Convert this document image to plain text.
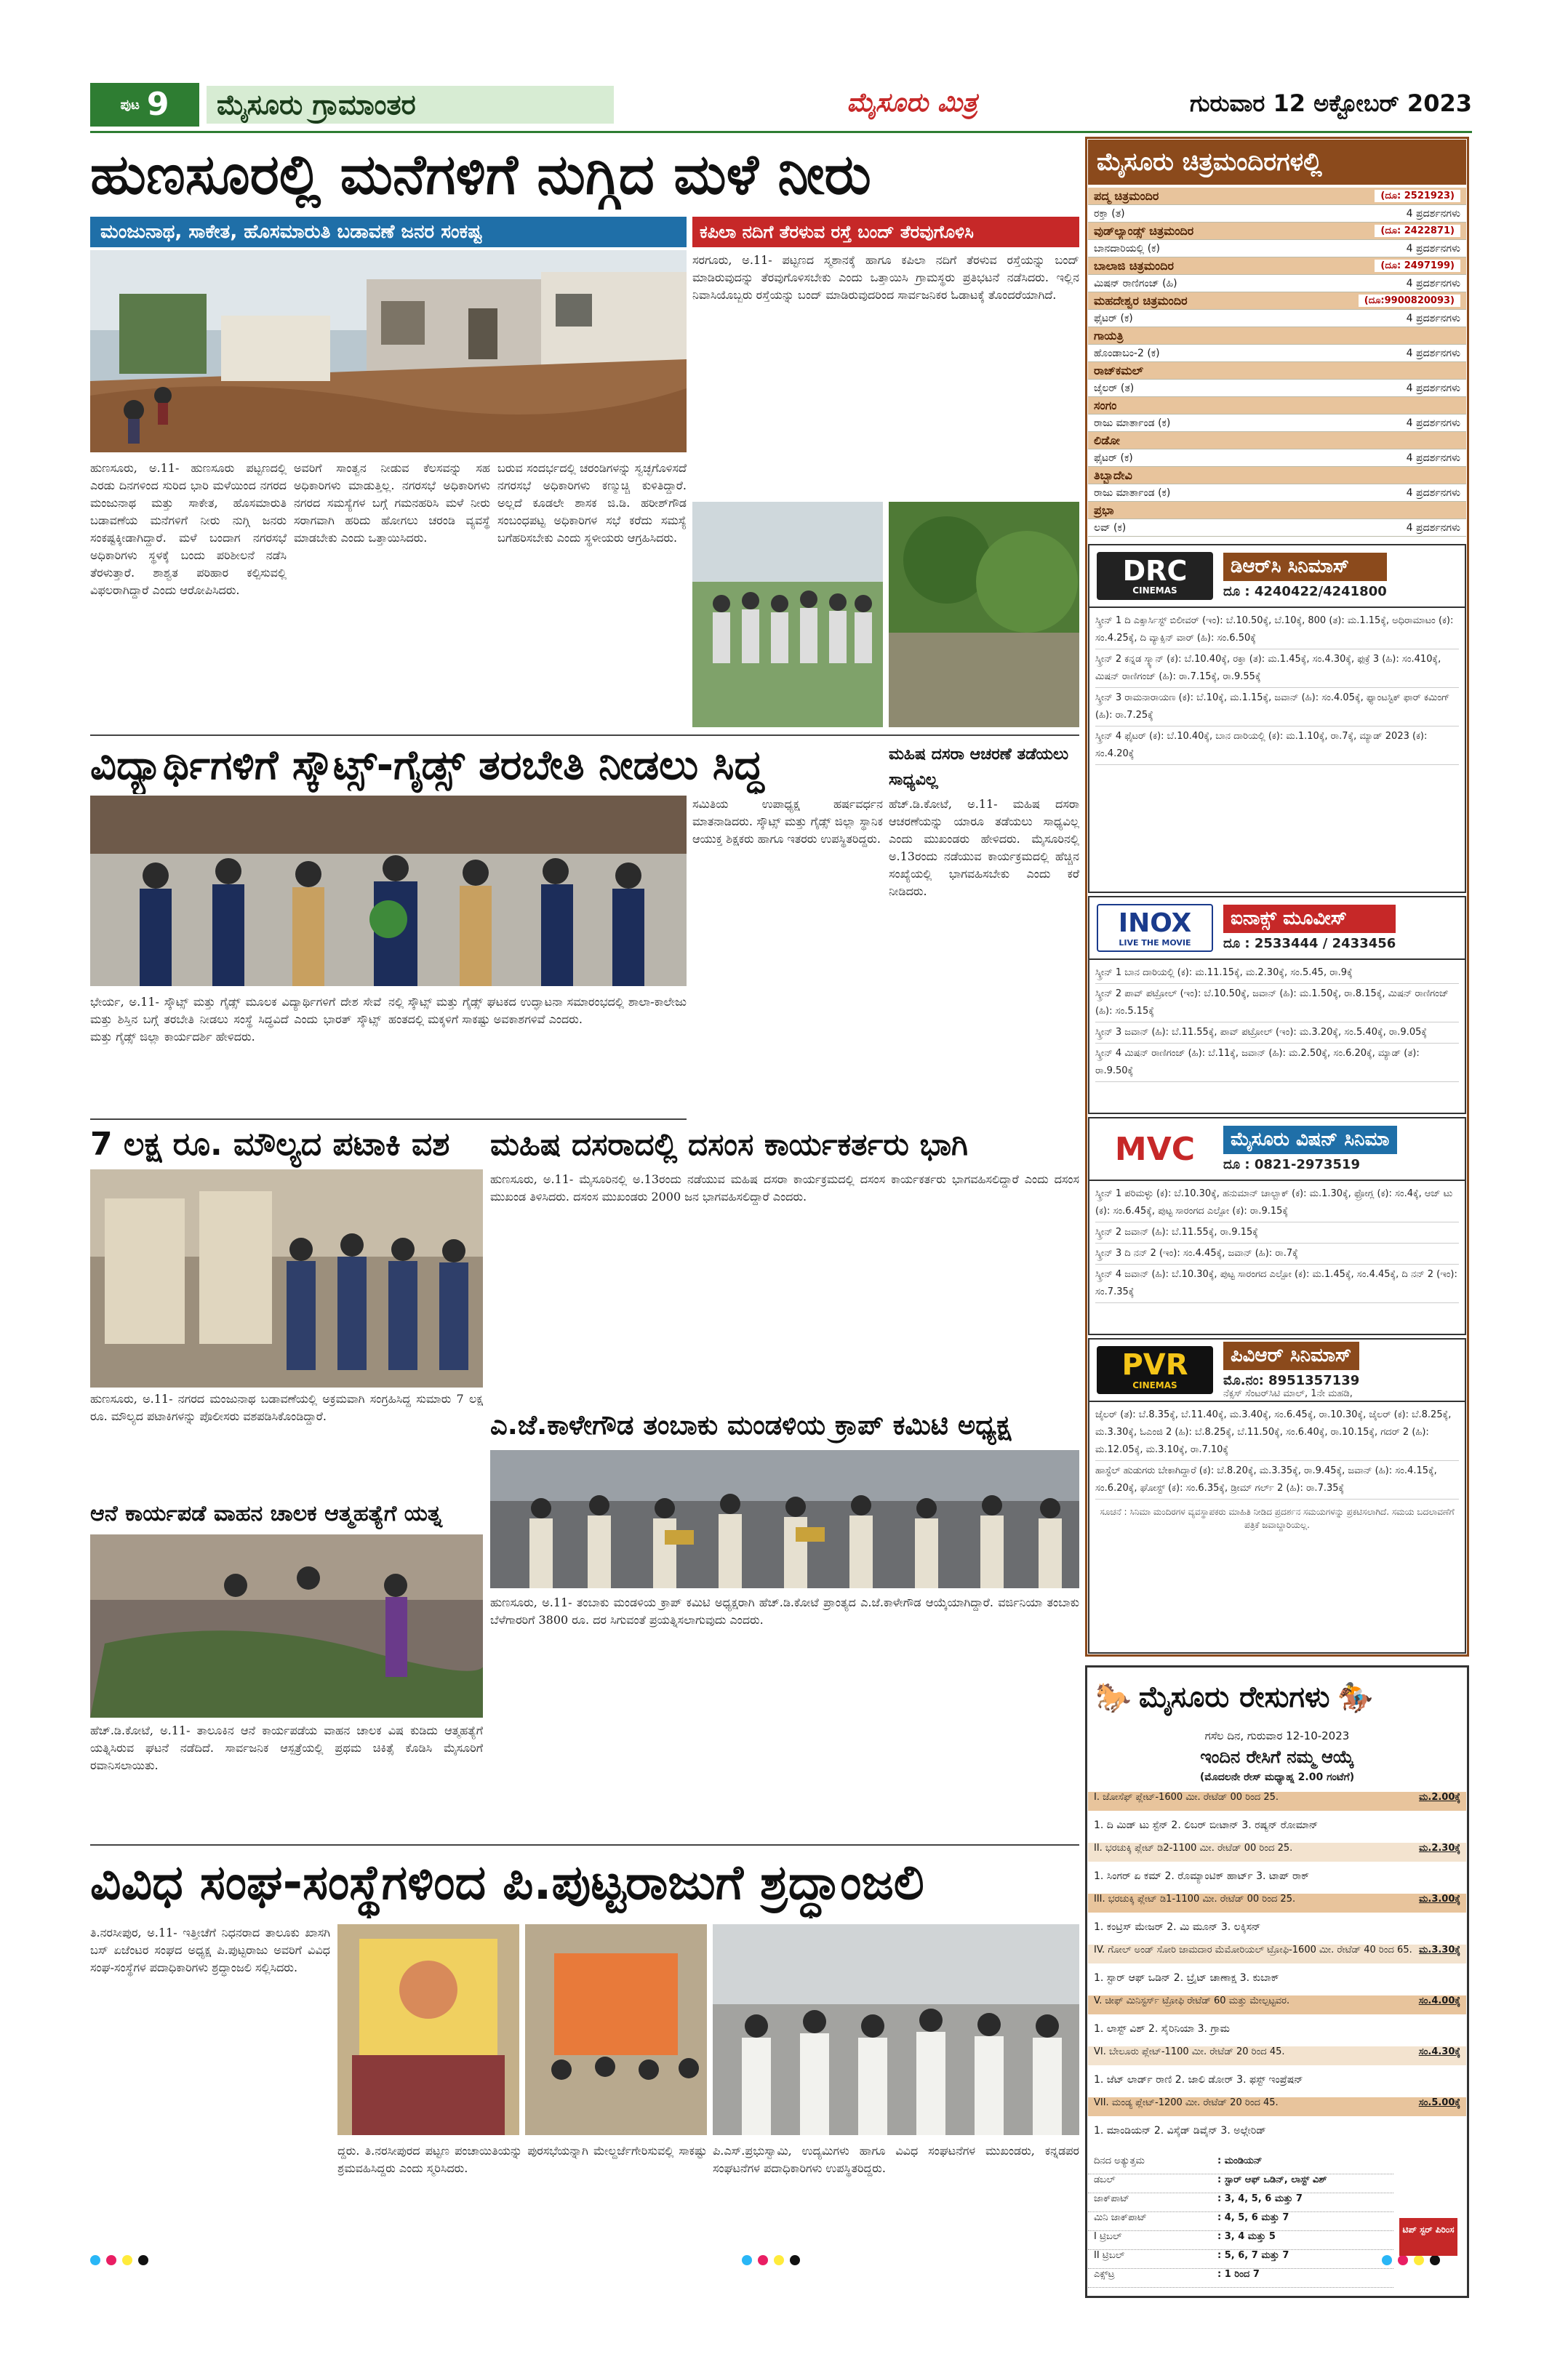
ಪುಟ 9	ಮೈಸೂರು ಗ್ರಾಮಾಂತರ	ಮೈಸೂರು ಮಿತ್ರ	ಗುರುವಾರ 12 ಅಕ್ಟೋಬರ್ 2023
ಹುಣಸೂರಲ್ಲಿ ಮನೆಗಳಿಗೆ ನುಗ್ಗಿದ ಮಳೆ ನೀರು
ಮಂಜುನಾಥ, ಸಾಕೇತ, ಹೊಸಮಾರುತಿ ಬಡಾವಣೆ ಜನರ ಸಂಕಷ್ಟ
ಹುಣಸೂರು, ಅ.11- ಹುಣಸೂರು ಪಟ್ಟಣದಲ್ಲಿ ಎರಡು ದಿನಗಳಿಂದ ಸುರಿದ ಭಾರಿ ಮಳೆಯಿಂದ ನಗರದ ಮಂಜುನಾಥ ಮತ್ತು ಸಾಕೇತ, ಹೊಸಮಾರುತಿ ಬಡಾವಣೆಯ ಮನೆಗಳಿಗೆ ನೀರು ನುಗ್ಗಿ ಜನರು ಸಂಕಷ್ಟಕ್ಕೀಡಾಗಿದ್ದಾರೆ. ಮಳೆ ಬಂದಾಗ ನಗರಸಭೆ ಅಧಿಕಾರಿಗಳು ಸ್ಥಳಕ್ಕೆ ಬಂದು ಪರಿಶೀಲನೆ ನಡೆಸಿ ತೆರಳುತ್ತಾರೆ. ಶಾಶ್ವತ ಪರಿಹಾರ ಕಲ್ಪಿಸುವಲ್ಲಿ ವಿಫಲರಾಗಿದ್ದಾರೆ ಎಂದು ಆರೋಪಿಸಿದರು.
ಅವರಿಗೆ ಸಾಂತ್ವನ ನೀಡುವ ಕೆಲಸವನ್ನು ಸಹ ಅಧಿಕಾರಿಗಳು ಮಾಡುತ್ತಿಲ್ಲ. ನಗರಸಭೆ ಅಧಿಕಾರಿಗಳು ನಗರದ ಸಮಸ್ಯೆಗಳ ಬಗ್ಗೆ ಗಮನಹರಿಸಿ ಮಳೆ ನೀರು ಸರಾಗವಾಗಿ ಹರಿದು ಹೋಗಲು ಚರಂಡಿ ವ್ಯವಸ್ಥೆ ಮಾಡಬೇಕು ಎಂದು ಒತ್ತಾಯಿಸಿದರು.
ಬರುವ ಸಂದರ್ಭದಲ್ಲಿ ಚರಂಡಿಗಳನ್ನು ಸ್ವಚ್ಛಗೊಳಿಸದೆ ನಗರಸಭೆ ಅಧಿಕಾರಿಗಳು ಕಣ್ಮುಚ್ಚಿ ಕುಳಿತಿದ್ದಾರೆ. ಅಲ್ಲದೆ ಕೂಡಲೇ ಶಾಸಕ ಜಿ.ಡಿ. ಹರೀಶ್‌ಗೌಡ ಸಂಬಂಧಪಟ್ಟ ಅಧಿಕಾರಿಗಳ ಸಭೆ ಕರೆದು ಸಮಸ್ಯೆ ಬಗೆಹರಿಸಬೇಕು ಎಂದು ಸ್ಥಳೀಯರು ಆಗ್ರಹಿಸಿದರು.
ಕಪಿಲಾ ನದಿಗೆ ತೆರಳುವ ರಸ್ತೆ ಬಂದ್ ತೆರವುಗೊಳಿಸಿ
ಸರಗೂರು, ಅ.11- ಪಟ್ಟಣದ ಸ್ಮಶಾನಕ್ಕೆ ಹಾಗೂ ಕಪಿಲಾ ನದಿಗೆ ತೆರಳುವ ರಸ್ತೆಯನ್ನು ಬಂದ್ ಮಾಡಿರುವುದನ್ನು ತೆರವುಗೊಳಿಸಬೇಕು ಎಂದು ಒತ್ತಾಯಿಸಿ ಗ್ರಾಮಸ್ಥರು ಪ್ರತಿಭಟನೆ ನಡೆಸಿದರು. ಇಲ್ಲಿನ ನಿವಾಸಿಯೊಬ್ಬರು ರಸ್ತೆಯನ್ನು ಬಂದ್ ಮಾಡಿರುವುದರಿಂದ ಸಾರ್ವಜನಿಕರ ಓಡಾಟಕ್ಕೆ ತೊಂದರೆಯಾಗಿದೆ.
ವಿದ್ಯಾರ್ಥಿಗಳಿಗೆ ಸ್ಕೌಟ್ಸ್-ಗೈಡ್ಸ್ ತರಬೇತಿ ನೀಡಲು ಸಿದ್ಧ
ಭೇರ್ಯ, ಅ.11- ಸ್ಕೌಟ್ಸ್ ಮತ್ತು ಗೈಡ್ಸ್ ಮೂಲಕ ವಿದ್ಯಾರ್ಥಿಗಳಿಗೆ ದೇಶ ಸೇವೆ ಮತ್ತು ಶಿಸ್ತಿನ ಬಗ್ಗೆ ತರಬೇತಿ ನೀಡಲು ಸಂಸ್ಥೆ ಸಿದ್ಧವಿದೆ ಎಂದು ಭಾರತ್ ಸ್ಕೌಟ್ಸ್ ಮತ್ತು ಗೈಡ್ಸ್ ಜಿಲ್ಲಾ ಕಾರ್ಯದರ್ಶಿ ಹೇಳಿದರು.
ನಲ್ಲಿ ಸ್ಕೌಟ್ಸ್ ಮತ್ತು ಗೈಡ್ಸ್ ಘಟಕದ ಉದ್ಘಾಟನಾ ಸಮಾರಂಭದಲ್ಲಿ ಶಾಲಾ-ಕಾಲೇಜು ಹಂತದಲ್ಲಿ ಮಕ್ಕಳಿಗೆ ಸಾಕಷ್ಟು ಅವಕಾಶಗಳಿವೆ ಎಂದರು.
ಸಮಿತಿಯ ಉಪಾಧ್ಯಕ್ಷ ಹರ್ಷವರ್ಧನ ಮಾತನಾಡಿದರು. ಸ್ಕೌಟ್ಸ್ ಮತ್ತು ಗೈಡ್ಸ್ ಜಿಲ್ಲಾ ಸ್ಥಾನಿಕ ಆಯುಕ್ತ ಶಿಕ್ಷಕರು ಹಾಗೂ ಇತರರು ಉಪಸ್ಥಿತರಿದ್ದರು.
ಮಹಿಷ ದಸರಾ ಆಚರಣೆ ತಡೆಯಲು ಸಾಧ್ಯವಿಲ್ಲ
ಹೆಚ್.ಡಿ.ಕೋಟೆ, ಅ.11- ಮಹಿಷ ದಸರಾ ಆಚರಣೆಯನ್ನು ಯಾರೂ ತಡೆಯಲು ಸಾಧ್ಯವಿಲ್ಲ ಎಂದು ಮುಖಂಡರು ಹೇಳಿದರು. ಮೈಸೂರಿನಲ್ಲಿ ಅ.13ರಂದು ನಡೆಯುವ ಕಾರ್ಯಕ್ರಮದಲ್ಲಿ ಹೆಚ್ಚಿನ ಸಂಖ್ಯೆಯಲ್ಲಿ ಭಾಗವಹಿಸಬೇಕು ಎಂದು ಕರೆ ನೀಡಿದರು.
7 ಲಕ್ಷ ರೂ. ಮೌಲ್ಯದ ಪಟಾಕಿ ವಶ
ಹುಣಸೂರು, ಅ.11- ನಗರದ ಮಂಜುನಾಥ ಬಡಾವಣೆಯಲ್ಲಿ ಅಕ್ರಮವಾಗಿ ಸಂಗ್ರಹಿಸಿದ್ದ ಸುಮಾರು 7 ಲಕ್ಷ ರೂ. ಮೌಲ್ಯದ ಪಟಾಕಿಗಳನ್ನು ಪೊಲೀಸರು ವಶಪಡಿಸಿಕೊಂಡಿದ್ದಾರೆ.
ಮಹಿಷ ದಸರಾದಲ್ಲಿ ದಸಂಸ ಕಾರ್ಯಕರ್ತರು ಭಾಗಿ
ಹುಣಸೂರು, ಅ.11- ಮೈಸೂರಿನಲ್ಲಿ ಅ.13ರಂದು ನಡೆಯುವ ಮಹಿಷ ದಸರಾ ಕಾರ್ಯಕ್ರಮದಲ್ಲಿ ದಸಂಸ ಕಾರ್ಯಕರ್ತರು ಭಾಗವಹಿಸಲಿದ್ದಾರೆ ಎಂದು ದಸಂಸ ಮುಖಂಡ ತಿಳಿಸಿದರು. ದಸಂಸ ಮುಖಂಡರು 2000 ಜನ ಭಾಗವಹಿಸಲಿದ್ದಾರೆ ಎಂದರು.
ಎ.ಜೆ.ಕಾಳೇಗೌಡ ತಂಬಾಕು ಮಂಡಳಿಯ ಕ್ರಾಪ್ ಕಮಿಟಿ ಅಧ್ಯಕ್ಷ
ಹುಣಸೂರು, ಅ.11- ತಂಬಾಕು ಮಂಡಳಿಯ ಕ್ರಾಪ್ ಕಮಿಟಿ ಅಧ್ಯಕ್ಷರಾಗಿ ಹೆಚ್.ಡಿ.ಕೋಟೆ ಪ್ರಾಂತ್ಯದ ಎ.ಜೆ.ಕಾಳೇಗೌಡ ಆಯ್ಕೆಯಾಗಿದ್ದಾರೆ. ವರ್ಜಿನಿಯಾ ತಂಬಾಕು ಬೆಳೆಗಾರರಿಗೆ 3800 ರೂ. ದರ ಸಿಗುವಂತೆ ಪ್ರಯತ್ನಿಸಲಾಗುವುದು ಎಂದರು.
ಆನೆ ಕಾರ್ಯಪಡೆ ವಾಹನ ಚಾಲಕ ಆತ್ಮಹತ್ಯೆಗೆ ಯತ್ನ
ಹೆಚ್.ಡಿ.ಕೋಟೆ, ಅ.11- ತಾಲೂಕಿನ ಆನೆ ಕಾರ್ಯಪಡೆಯ ವಾಹನ ಚಾಲಕ ವಿಷ ಕುಡಿದು ಆತ್ಮಹತ್ಯೆಗೆ ಯತ್ನಿಸಿರುವ ಘಟನೆ ನಡೆದಿದೆ. ಸಾರ್ವಜನಿಕ ಆಸ್ಪತ್ರೆಯಲ್ಲಿ ಪ್ರಥಮ ಚಿಕಿತ್ಸೆ ಕೊಡಿಸಿ ಮೈಸೂರಿಗೆ ರವಾನಿಸಲಾಯಿತು.
ವಿವಿಧ ಸಂಘ-ಸಂಸ್ಥೆಗಳಿಂದ ಪಿ.ಪುಟ್ಟರಾಜುಗೆ ಶ್ರದ್ಧಾಂಜಲಿ
ತಿ.ನರಸೀಪುರ, ಅ.11- ಇತ್ತೀಚೆಗೆ ನಿಧನರಾದ ತಾಲೂಕು ಖಾಸಗಿ ಬಸ್ ಏಜೆಂಟರ ಸಂಘದ ಅಧ್ಯಕ್ಷ ಪಿ.ಪುಟ್ಟರಾಜು ಅವರಿಗೆ ವಿವಿಧ ಸಂಘ-ಸಂಸ್ಥೆಗಳ ಪದಾಧಿಕಾರಿಗಳು ಶ್ರದ್ಧಾಂಜಲಿ ಸಲ್ಲಿಸಿದರು.
ದ್ದರು. ತಿ.ನರಸೀಪುರದ ಪಟ್ಟಣ ಪಂಚಾಯಿತಿಯನ್ನು ಪುರಸಭೆಯನ್ನಾಗಿ ಮೇಲ್ದರ್ಜೆಗೇರಿಸುವಲ್ಲಿ ಸಾಕಷ್ಟು ಶ್ರಮವಹಿಸಿದ್ದರು ಎಂದು ಸ್ಮರಿಸಿದರು.
ಪಿ.ಎಸ್.ಪ್ರಭುಸ್ವಾಮಿ, ಉದ್ಯಮಿಗಳು ಹಾಗೂ ವಿವಿಧ ಸಂಘಟನೆಗಳ ಮುಖಂಡರು, ಕನ್ನಡಪರ ಸಂಘಟನೆಗಳ ಪದಾಧಿಕಾರಿಗಳು ಉಪಸ್ಥಿತರಿದ್ದರು.
ಮೈಸೂರು ಚಿತ್ರಮಂದಿರಗಳಲ್ಲಿ
ಪದ್ಮ ಚಿತ್ರಮಂದಿರ	(ದೂ: 2521923)
ರಕ್ತಾ (ತ)	4 ಪ್ರದರ್ಶನಗಳು
ವುಡ್‌ಲ್ಯಾಂಡ್ಸ್ ಚಿತ್ರಮಂದಿರ	(ದೂ: 2422871)
ಬಾನದಾರಿಯಲ್ಲಿ (ಕ)	4 ಪ್ರದರ್ಶನಗಳು
ಬಾಲಾಜಿ ಚಿತ್ರಮಂದಿರ	(ದೂ: 2497199)
ಮಿಷನ್ ರಾಣಿಗಂಜ್ (ಹಿ)	4 ಪ್ರದರ್ಶನಗಳು
ಮಹದೇಶ್ವರ ಚಿತ್ರಮಂದಿರ	(ದೂ:9900820093)
ಫೈಟರ್ (ಕ)	4 ಪ್ರದರ್ಶನಗಳು
ಗಾಯತ್ರಿ
ಹೊಂಡಾಬಂ-2 (ಕ)	4 ಪ್ರದರ್ಶನಗಳು
ರಾಜ್‌ಕಮಲ್
ಜೈಲರ್ (ತ)	4 ಪ್ರದರ್ಶನಗಳು
ಸಂಗಂ
ರಾಜು ಮಾರ್ತಾಂಡ (ಕ)	4 ಪ್ರದರ್ಶನಗಳು
ಲಿಡೋ
ಫೈಟರ್ (ಕ)	4 ಪ್ರದರ್ಶನಗಳು
ತಿಬ್ಬಾದೇವಿ
ರಾಜು ಮಾರ್ತಾಂಡ (ಕ)	4 ಪ್ರದರ್ಶನಗಳು
ಪ್ರಭಾ
ಲವ್ (ಕ)	4 ಪ್ರದರ್ಶನಗಳು
DRC
CINEMAS
ಡಿಆರ್‌ಸಿ ಸಿನಿಮಾಸ್
ದೂ : 4240422/4241800
ಸ್ಕ್ರೀನ್ 1 ದಿ ಎಕ್ಸಾರ್ಸಿಸ್ಟ್ ಬಿಲೀವರ್ (ಇಂ): ಬೆ.10.50ಕ್ಕೆ, ಬೆ.10ಕ್ಕೆ, 800 (ತ): ಮ.1.15ಕ್ಕೆ, ಅಧಿರಾಮಾಟಂ (ಕ): ಸಂ.4.25ಕ್ಕೆ, ದಿ ವ್ಯಾಕ್ಸಿನ್ ವಾರ್ (ಹಿ): ಸಂ.6.50ಕ್ಕೆ
ಸ್ಕ್ರೀನ್ 2 ಕನ್ನಡ ಸ್ಕ್ಯಾನ್ (ಕ): ಬೆ.10.40ಕ್ಕೆ, ರಕ್ತಾ (ತ): ಮ.1.45ಕ್ಕೆ, ಸಂ.4.30ಕ್ಕೆ, ಫುಕ್ರೆ 3 (ಹಿ): ಸಂ.410ಕ್ಕೆ, ಮಿಷನ್ ರಾಣಿಗಂಜ್ (ಹಿ): ರಾ.7.15ಕ್ಕೆ, ರಾ.9.55ಕ್ಕೆ
ಸ್ಕ್ರೀನ್ 3 ರಾಮನಾರಾಯಣ (ಕ): ಬೆ.10ಕ್ಕೆ, ಮ.1.15ಕ್ಕೆ, ಜವಾನ್ (ಹಿ): ಸಂ.4.05ಕ್ಕೆ, ಫ್ಯಾಂಟಸ್ಟಿಕ್ ಫಾರ್ ಕಮಿಂಗ್ (ಹಿ): ರಾ.7.25ಕ್ಕೆ
ಸ್ಕ್ರೀನ್ 4 ಫೈಟರ್ (ಕ): ಬೆ.10.40ಕ್ಕೆ, ಬಾನ ದಾರಿಯಲ್ಲಿ (ಕ): ಮ.1.10ಕ್ಕೆ, ರಾ.7ಕ್ಕೆ, ಮ್ಯಾಡ್ 2023 (ಕ): ಸಂ.4.20ಕ್ಕೆ
INOX
LIVE THE MOVIE
ಐನಾಕ್ಸ್ ಮೂವೀಸ್
ದೂ : 2533444 / 2433456
ಸ್ಕ್ರೀನ್ 1 ಬಾನ ದಾರಿಯಲ್ಲಿ (ಕ): ಮ.11.15ಕ್ಕೆ, ಮ.2.30ಕ್ಕೆ, ಸಂ.5.45, ರಾ.9ಕ್ಕೆ
ಸ್ಕ್ರೀನ್ 2 ಪಾವ್ ಪಟ್ರೋಲ್ (ಇಂ): ಬೆ.10.50ಕ್ಕೆ, ಜವಾನ್ (ಹಿ): ಮ.1.50ಕ್ಕೆ, ರಾ.8.15ಕ್ಕೆ, ಮಿಷನ್ ರಾಣಿಗಂಜ್ (ಹಿ): ಸಂ.5.15ಕ್ಕೆ
ಸ್ಕ್ರೀನ್ 3 ಜವಾನ್ (ಹಿ): ಬೆ.11.55ಕ್ಕೆ, ಪಾವ್ ಪಟ್ರೋಲ್ (ಇಂ): ಮ.3.20ಕ್ಕೆ, ಸಂ.5.40ಕ್ಕೆ, ರಾ.9.05ಕ್ಕೆ
ಸ್ಕ್ರೀನ್ 4 ಮಿಷನ್ ರಾಣಿಗಂಜ್ (ಹಿ): ಬೆ.11ಕ್ಕೆ, ಜವಾನ್ (ಹಿ): ಮ.2.50ಕ್ಕೆ, ಸಂ.6.20ಕ್ಕೆ, ಮ್ಯಾಡ್ (ತ): ರಾ.9.50ಕ್ಕೆ
MVC	ಮೈಸೂರು ವಿಷನ್ ಸಿನಿಮಾ
ದೂ : 0821-2973519
ಸ್ಕ್ರೀನ್ 1 ಪರಿಮಳ್ಳು (ಕ): ಬೆ.10.30ಕ್ಕೆ, ಹನುಮಾನ್ ಚಾಲ್ಬಾಕ್ (ಕ): ಮ.1.30ಕ್ಕೆ, ಫ್ರೋಗ್ಲ (ಕ): ಸಂ.4ಕ್ಕೆ, ಆಜ್ ಟು (ಕ): ಸಂ.6.45ಕ್ಕೆ, ಪುಟ್ಟ ಸಾರಂಗದ ಎಲ್ಪೋ (ಕ): ರಾ.9.15ಕ್ಕೆ
ಸ್ಕ್ರೀನ್ 2 ಜವಾನ್ (ಹಿ): ಬೆ.11.55ಕ್ಕೆ, ರಾ.9.15ಕ್ಕೆ
ಸ್ಕ್ರೀನ್ 3 ದಿ ನನ್ 2 (ಇಂ): ಸಂ.4.45ಕ್ಕೆ, ಜವಾನ್ (ಹಿ): ರಾ.7ಕ್ಕೆ
ಸ್ಕ್ರೀನ್ 4 ಜವಾನ್ (ಹಿ): ಬೆ.10.30ಕ್ಕೆ, ಪುಟ್ಟ ಸಾರಂಗದ ಎಲ್ಪೋ (ಕ): ಮ.1.45ಕ್ಕೆ, ಸಂ.4.45ಕ್ಕೆ, ದಿ ನನ್ 2 (ಇಂ): ಸಂ.7.35ಕ್ಕೆ
PVR
CINEMAS
ಪಿವಿಆರ್ ಸಿನಿಮಾಸ್
ಮೊ.ನಂ: 8951357139
ನೆಕ್ಸಸ್ ಸೆಂಟರ್‌ಸಿಟಿ ಮಾಲ್, 1ನೇ ಮಹಡಿ,
ಜೈಲರ್ (ತ): ಬೆ.8.35ಕ್ಕೆ, ಬೆ.11.40ಕ್ಕೆ, ಮ.3.40ಕ್ಕೆ, ಸಂ.6.45ಕ್ಕೆ, ರಾ.10.30ಕ್ಕೆ, ಜೈಲರ್ (ಕ): ಬೆ.8.25ಕ್ಕೆ, ಮ.3.30ಕ್ಕೆ, ಓಎಂಜಿ 2 (ಹಿ): ಬೆ.8.25ಕ್ಕೆ, ಬೆ.11.50ಕ್ಕೆ, ಸಂ.6.40ಕ್ಕೆ, ರಾ.10.15ಕ್ಕೆ, ಗದರ್ 2 (ಹಿ): ಮ.12.05ಕ್ಕೆ, ಮ.3.10ಕ್ಕೆ, ರಾ.7.10ಕ್ಕೆ
ಹಾಸ್ಟೆಲ್ ಹುಡುಗರು ಬೇಕಾಗಿದ್ದಾರೆ (ಕ): ಬೆ.8.20ಕ್ಕೆ, ಮ.3.35ಕ್ಕೆ, ರಾ.9.45ಕ್ಕೆ, ಜವಾನ್ (ಹಿ): ಸಂ.4.15ಕ್ಕೆ, ಸಂ.6.20ಕ್ಕೆ, ಘೋಸ್ಟ್ (ಕ): ಸಂ.6.35ಕ್ಕೆ, ಡ್ರೀಮ್ ಗರ್ಲ್ 2 (ಹಿ): ರಾ.7.35ಕ್ಕೆ
ಸೂಚನೆ : ಸಿನಿಮಾ ಮಂದಿರಗಳ ವ್ಯವಸ್ಥಾಪಕರು ಮಾಹಿತಿ ನೀಡಿದ ಪ್ರದರ್ಶನ ಸಮಯಗಳನ್ನು ಪ್ರಕಟಿಸಲಾಗಿದೆ. ಸಮಯ ಬದಲಾವಣೆಗೆ ಪತ್ರಿಕೆ ಜವಾಬ್ದಾರಿಯಲ್ಲ.
🐎 ಮೈಸೂರು ರೇಸುಗಳು 🏇
ಗಸೆಲ ದಿನ, ಗುರುವಾರ 12-10-2023
ಇಂದಿನ ರೇಸಿಗೆ ನಮ್ಮ ಆಯ್ಕೆ
(ಮೊದಲನೇ ರೇಸ್ ಮಧ್ಯಾಹ್ನ 2.00 ಗಂಟೆಗೆ)
I. ಜೋಸೆಫ್ ಪ್ಲೇಟ್-1600 ಮೀ. ರೇಟೆಡ್ 00 ರಿಂದ 25.	ಮ.2.00ಕ್ಕೆ
1. ದಿ ಮಿಡ್ ಟು ಸ್ಟೆನ್ 2. ಲಿಬರ್ ಬೀಟಾನ್ 3. ರಷ್ಯನ್ ರೋಮಾನ್
II. ಭರಚುಕ್ಕಿ ಪ್ಲೇಟ್ ಡಿ2-1100 ಮೀ. ರೇಟೆಡ್ 00 ರಿಂದ 25.	ಮ.2.30ಕ್ಕೆ
1. ಸಿಂಗರ್ ಏ ಕಮ್ 2. ರೊಮ್ಯಾಂಟಿಕ್ ಹಾರ್ಟ್ 3. ಟಾಪ್ ರಾಕ್
III. ಭರಚುಕ್ಕಿ ಪ್ಲೇಟ್ ಡಿ1-1100 ಮೀ. ರೇಟೆಡ್ 00 ರಿಂದ 25.	ಮ.3.00ಕ್ಕೆ
1. ಕಂಟ್ರಿಸ್ ಮೇಜರ್ 2. ಮಿ ಮೂನ್ 3. ಲಕ್ಕಿಸನ್
IV. ಗೋಲ್ ಅಂಡ್ ಸೋರಿ ಜಾಮದಾರ ಮೆಮೋರಿಯಲ್ ಟ್ರೋಫಿ-1600 ಮೀ. ರೇಟೆಡ್ 40 ರಿಂದ 65. ಮ.3.30ಕ್ಕೆ
1. ಸ್ಟಾರ್ ಆಫ್ ಒಡಿನ್ 2. ಬ್ರೈಟ್ ಚಾಣಾಕ್ಷ 3. ಕುಬಾಕ್
V. ಚೀಫ್ ಮಿನಿಸ್ಟರ್ಸ್ ಟ್ರೋಫಿ ರೇಟೆಡ್ 60 ಮತ್ತು ಮೇಲ್ಪಟ್ಟವರ.	ಸಂ.4.00ಕ್ಕೆ
1. ಲಾಸ್ಟ್ ವಿಶ್ 2. ಸೈರಿನಿಯಾ 3. ಗ್ರಾಮ
VI. ಬೇಲೂರು ಪ್ಲೇಟ್-1100 ಮೀ. ರೇಟೆಡ್ 20 ರಿಂದ 45.	ಸಂ.4.30ಕ್ಕೆ
1. ಜೆಟ್ ಲಾರ್ಡ್ ರಾಣಿ 2. ಜಾಲಿ ಡೋರ್ 3. ಫಸ್ಟ್ ಇಂಪ್ರೆಷನ್
VII. ಮಂಡ್ಯ ಪ್ಲೇಟ್-1200 ಮೀ. ರೇಟೆಡ್ 20 ರಿಂದ 45.	ಸಂ.5.00ಕ್ಕೆ
1. ಮಾಂಡಿಯನ್ 2. ವಿಸ್ಕೆಡ್ ಡಿವೈನ್ 3. ಅಲ್ಗೇರಿಡ್
ದಿನದ ಅತ್ಯುತ್ತಮ	: ಮಂಡಿಯನ್
ಡಬಲ್	: ಸ್ಟಾರ್ ಆಫ್ ಒಡಿನ್, ಲಾಸ್ಟ್ ವಿಶ್
ಜಾಕ್‌ಪಾಟ್	: 3, 4, 5, 6 ಮತ್ತು 7
ಮಿನಿ ಜಾಕ್‌ಪಾಟ್	: 4, 5, 6 ಮತ್ತು 7
I ಟ್ರಿಬಲ್	: 3, 4 ಮತ್ತು 5
II ಟ್ರಿಬಲ್	: 5, 6, 7 ಮತ್ತು 7
ಎಕ್ಸ್‌ಟ್ರ	: 1 ರಿಂದ 7
ಟಿಪ್ ಸ್ಟರ್ ಪಿರಿಂಸ
